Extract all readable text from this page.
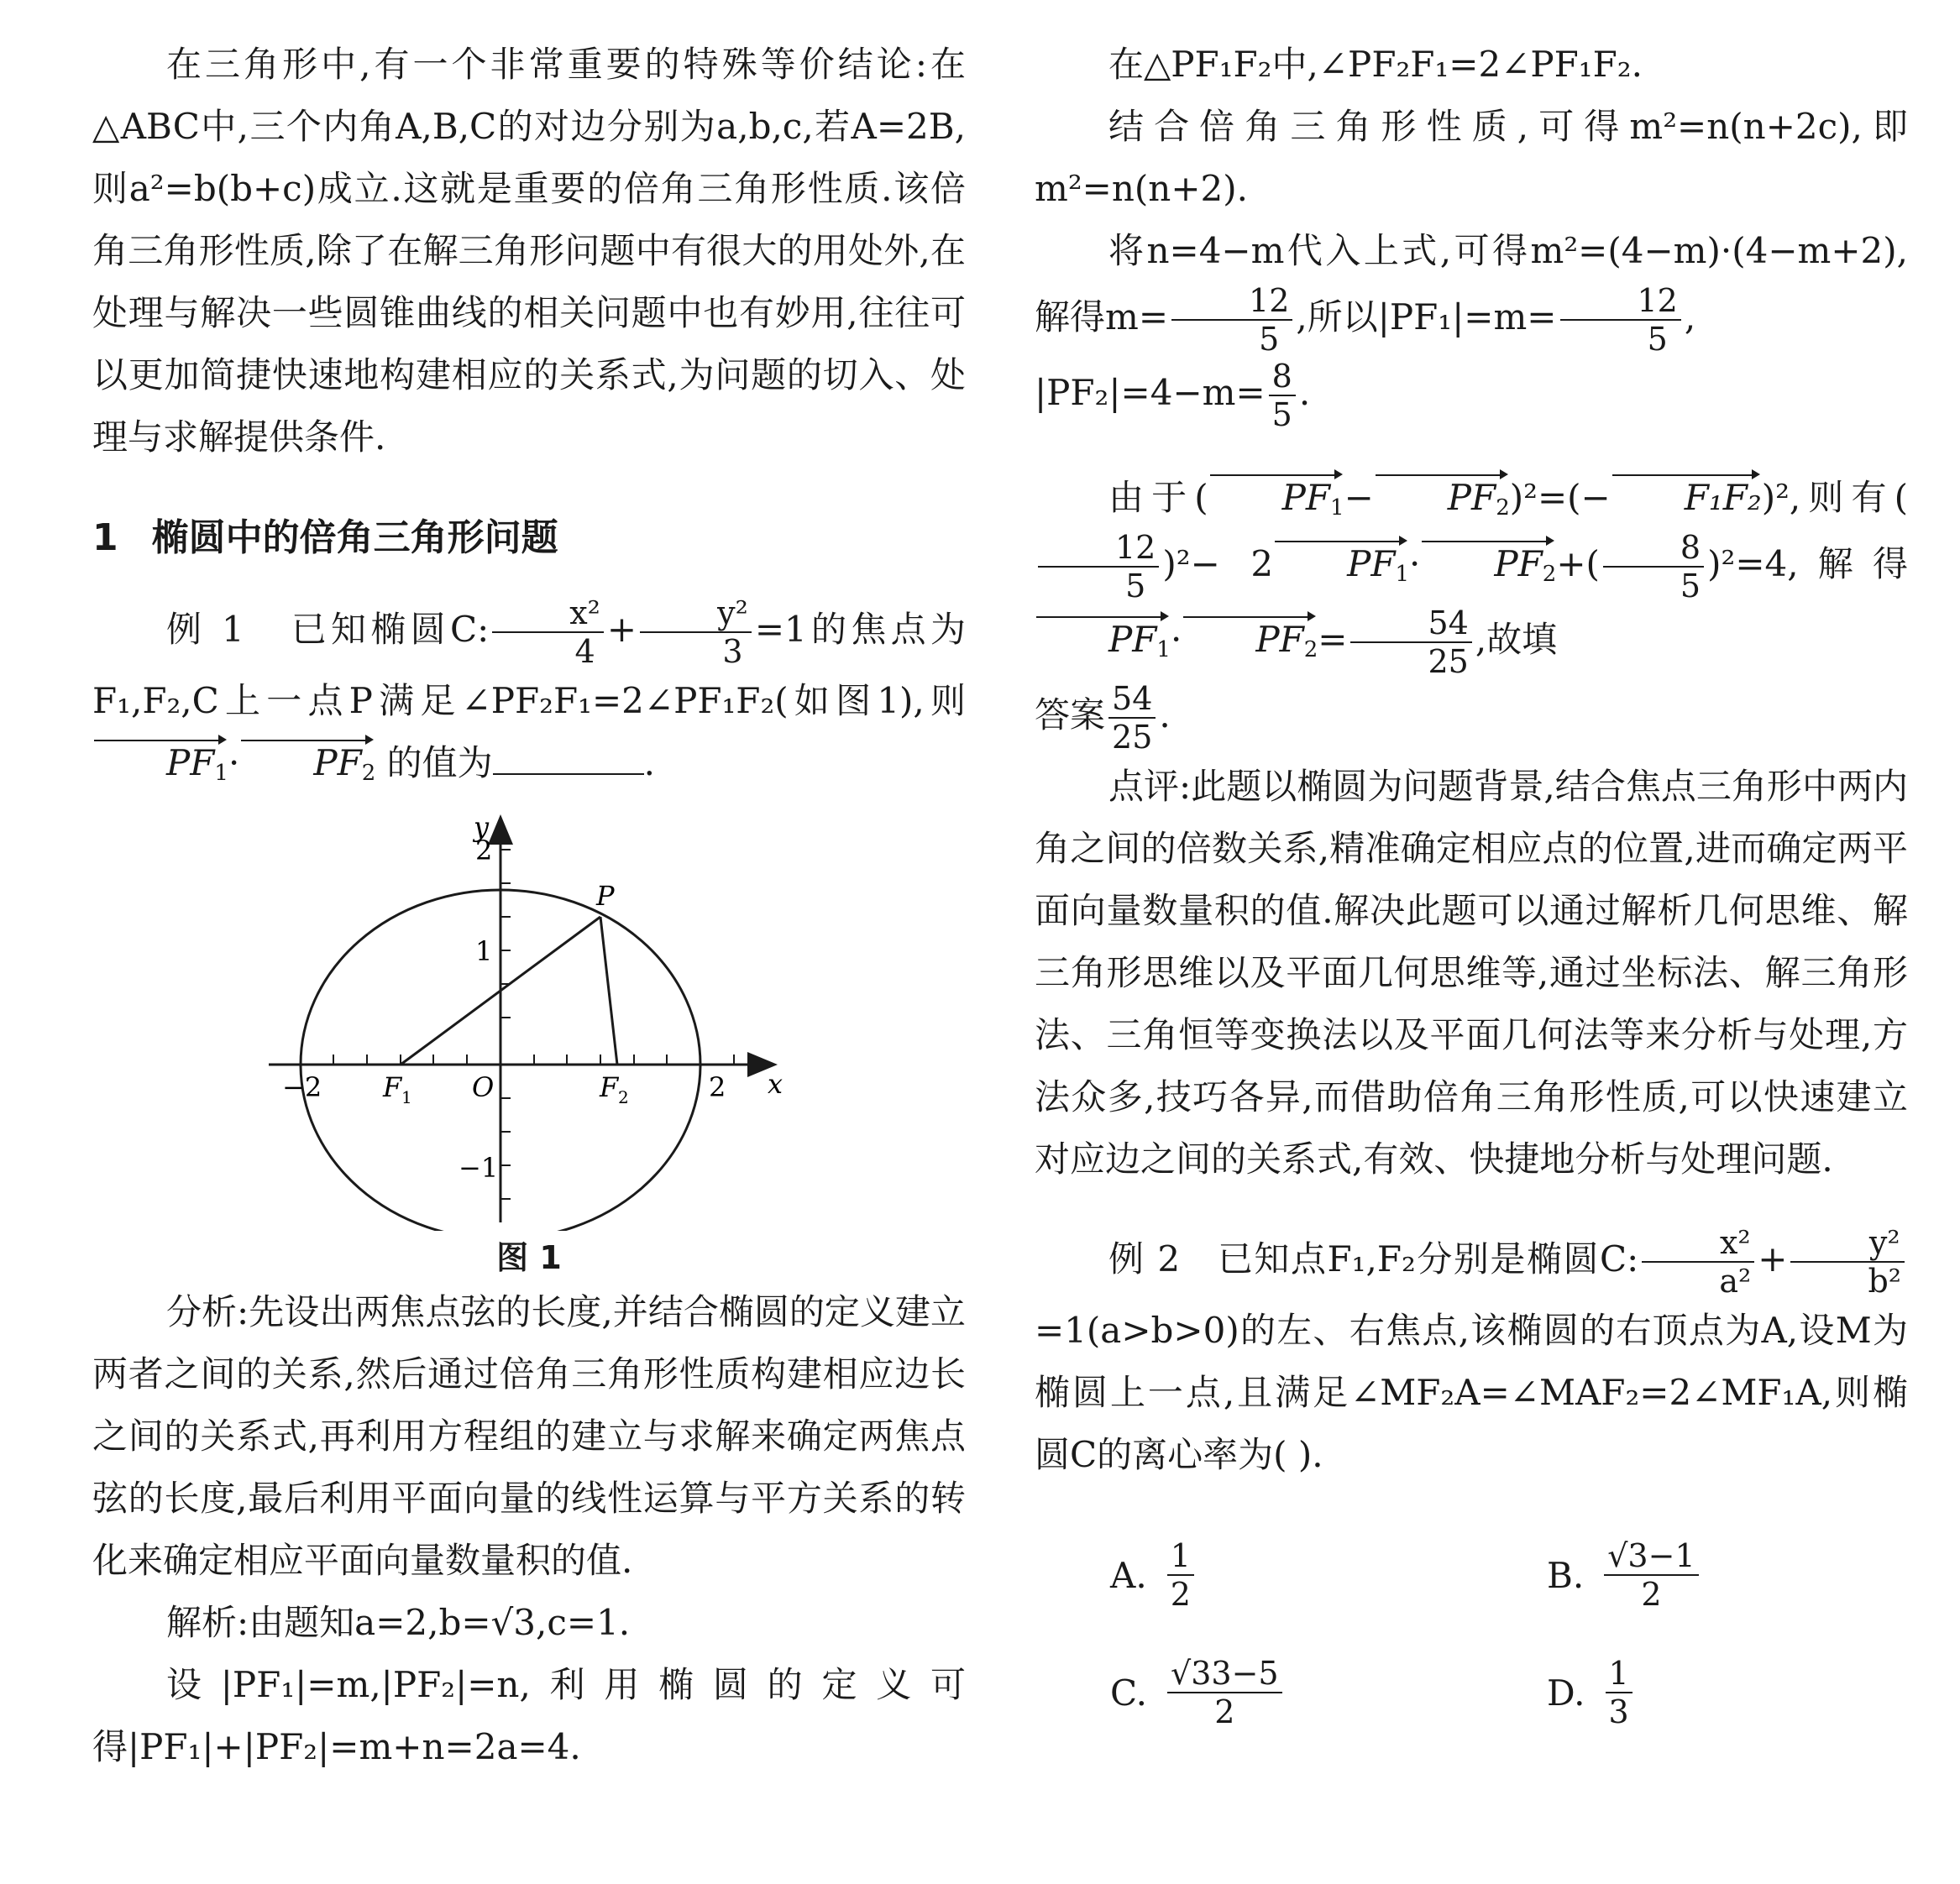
在三角形中,有一个非常重要的特殊等价结论:在△ABC中,三个内角A,B,C的对边分别为a,b,c,若A=2B,则a²=b(b+c)成立.这就是重要的倍角三角形性质.该倍角三角形性质,除了在解三角形问题中有很大的用处外,在处理与解决一些圆锥曲线的相关问题中也有妙用,往往可以更加简捷快速地构建相应的关系式,为问题的切入、处理与求解提供条件.

1 椭圆中的倍角三角形问题

例 1 已知椭圆C: $\frac{\text{x²}}{4} + \frac{\text{y²}}{3} =1$的焦点为F₁,F₂,C上一点P满足∠PF₂F₁=2∠PF₁F₂(如图1),则 $PF_1\cdot PF_2$ 的值为	.

y
x
O
P
F 1	F 2
2
1
−1
−2	2
图 1

分析:先设出两焦点弦的长度,并结合椭圆的定义建立两者之间的关系,然后通过倍角三角形性质构建相应边长之间的关系式,再利用方程组的建立与求解来确定两焦点弦的长度,最后利用平面向量的线性运算与平方关系的转化来确定相应平面向量数量积的值.

解析:由题知a=2,b=√3,c=1.

设|PF₁|=m,|PF₂|=n,利用椭圆的定义可得|PF₁|+|PF₂|=m+n=2a=4.

在△PF₁F₂中,∠PF₂F₁=2∠PF₁F₂.

结合倍角三角形性质,可得m²=n(n+2c),即m²=n(n+2).

将n=4−m代入上式,可得m²=(4−m)·(4−m+2),解得$m= \frac{12}{5}$ ,所以$|PF_1|=m= \frac{12}{5}$ ,

$|PF_2|=4-m= \frac{8}{5}$ .

由于( $PF_1- PF_2)^2=(- F_1F_2)^2$,则有(
$\frac{12}{5} )^2- 2$ $PF_1\cdot PF_2+( \frac{8}{5} )^2=4$,解得$PF_1\cdot PF_2= \frac{54}{25}$ ,故填

答案 $\frac{54}{25}$ .

点评:此题以椭圆为问题背景,结合焦点三角形中两内角之间的倍数关系,精准确定相应点的位置,进而确定两平面向量数量积的值.解决此题可以通过解析几何思维、解三角形思维以及平面几何思维等,通过坐标法、解三角形法、三角恒等变换法以及平面几何法等来分析与处理,方法众多,技巧各异,而借助倍角三角形性质,可以快速建立对应边之间的关系式,有效、快捷地分析与处理问题.

例 2 已知点F₁,F₂分别是椭圆C: $\frac{\text{x²}}{\text{a²}} + \frac{\text{y²}}{\text{b²}}$
=1(a>b>0)的左、右焦点,该椭圆的右顶点为A,设M为椭圆上一点,且满足∠MF₂A=∠MAF₂=2∠MF₁A,则椭圆C的离心率为( ).

A. $\frac{1}{2}$	B. $\frac{√3-1}{2}$
C. $\frac{√33-5}{2}$	D. $\frac{1}{3}$
